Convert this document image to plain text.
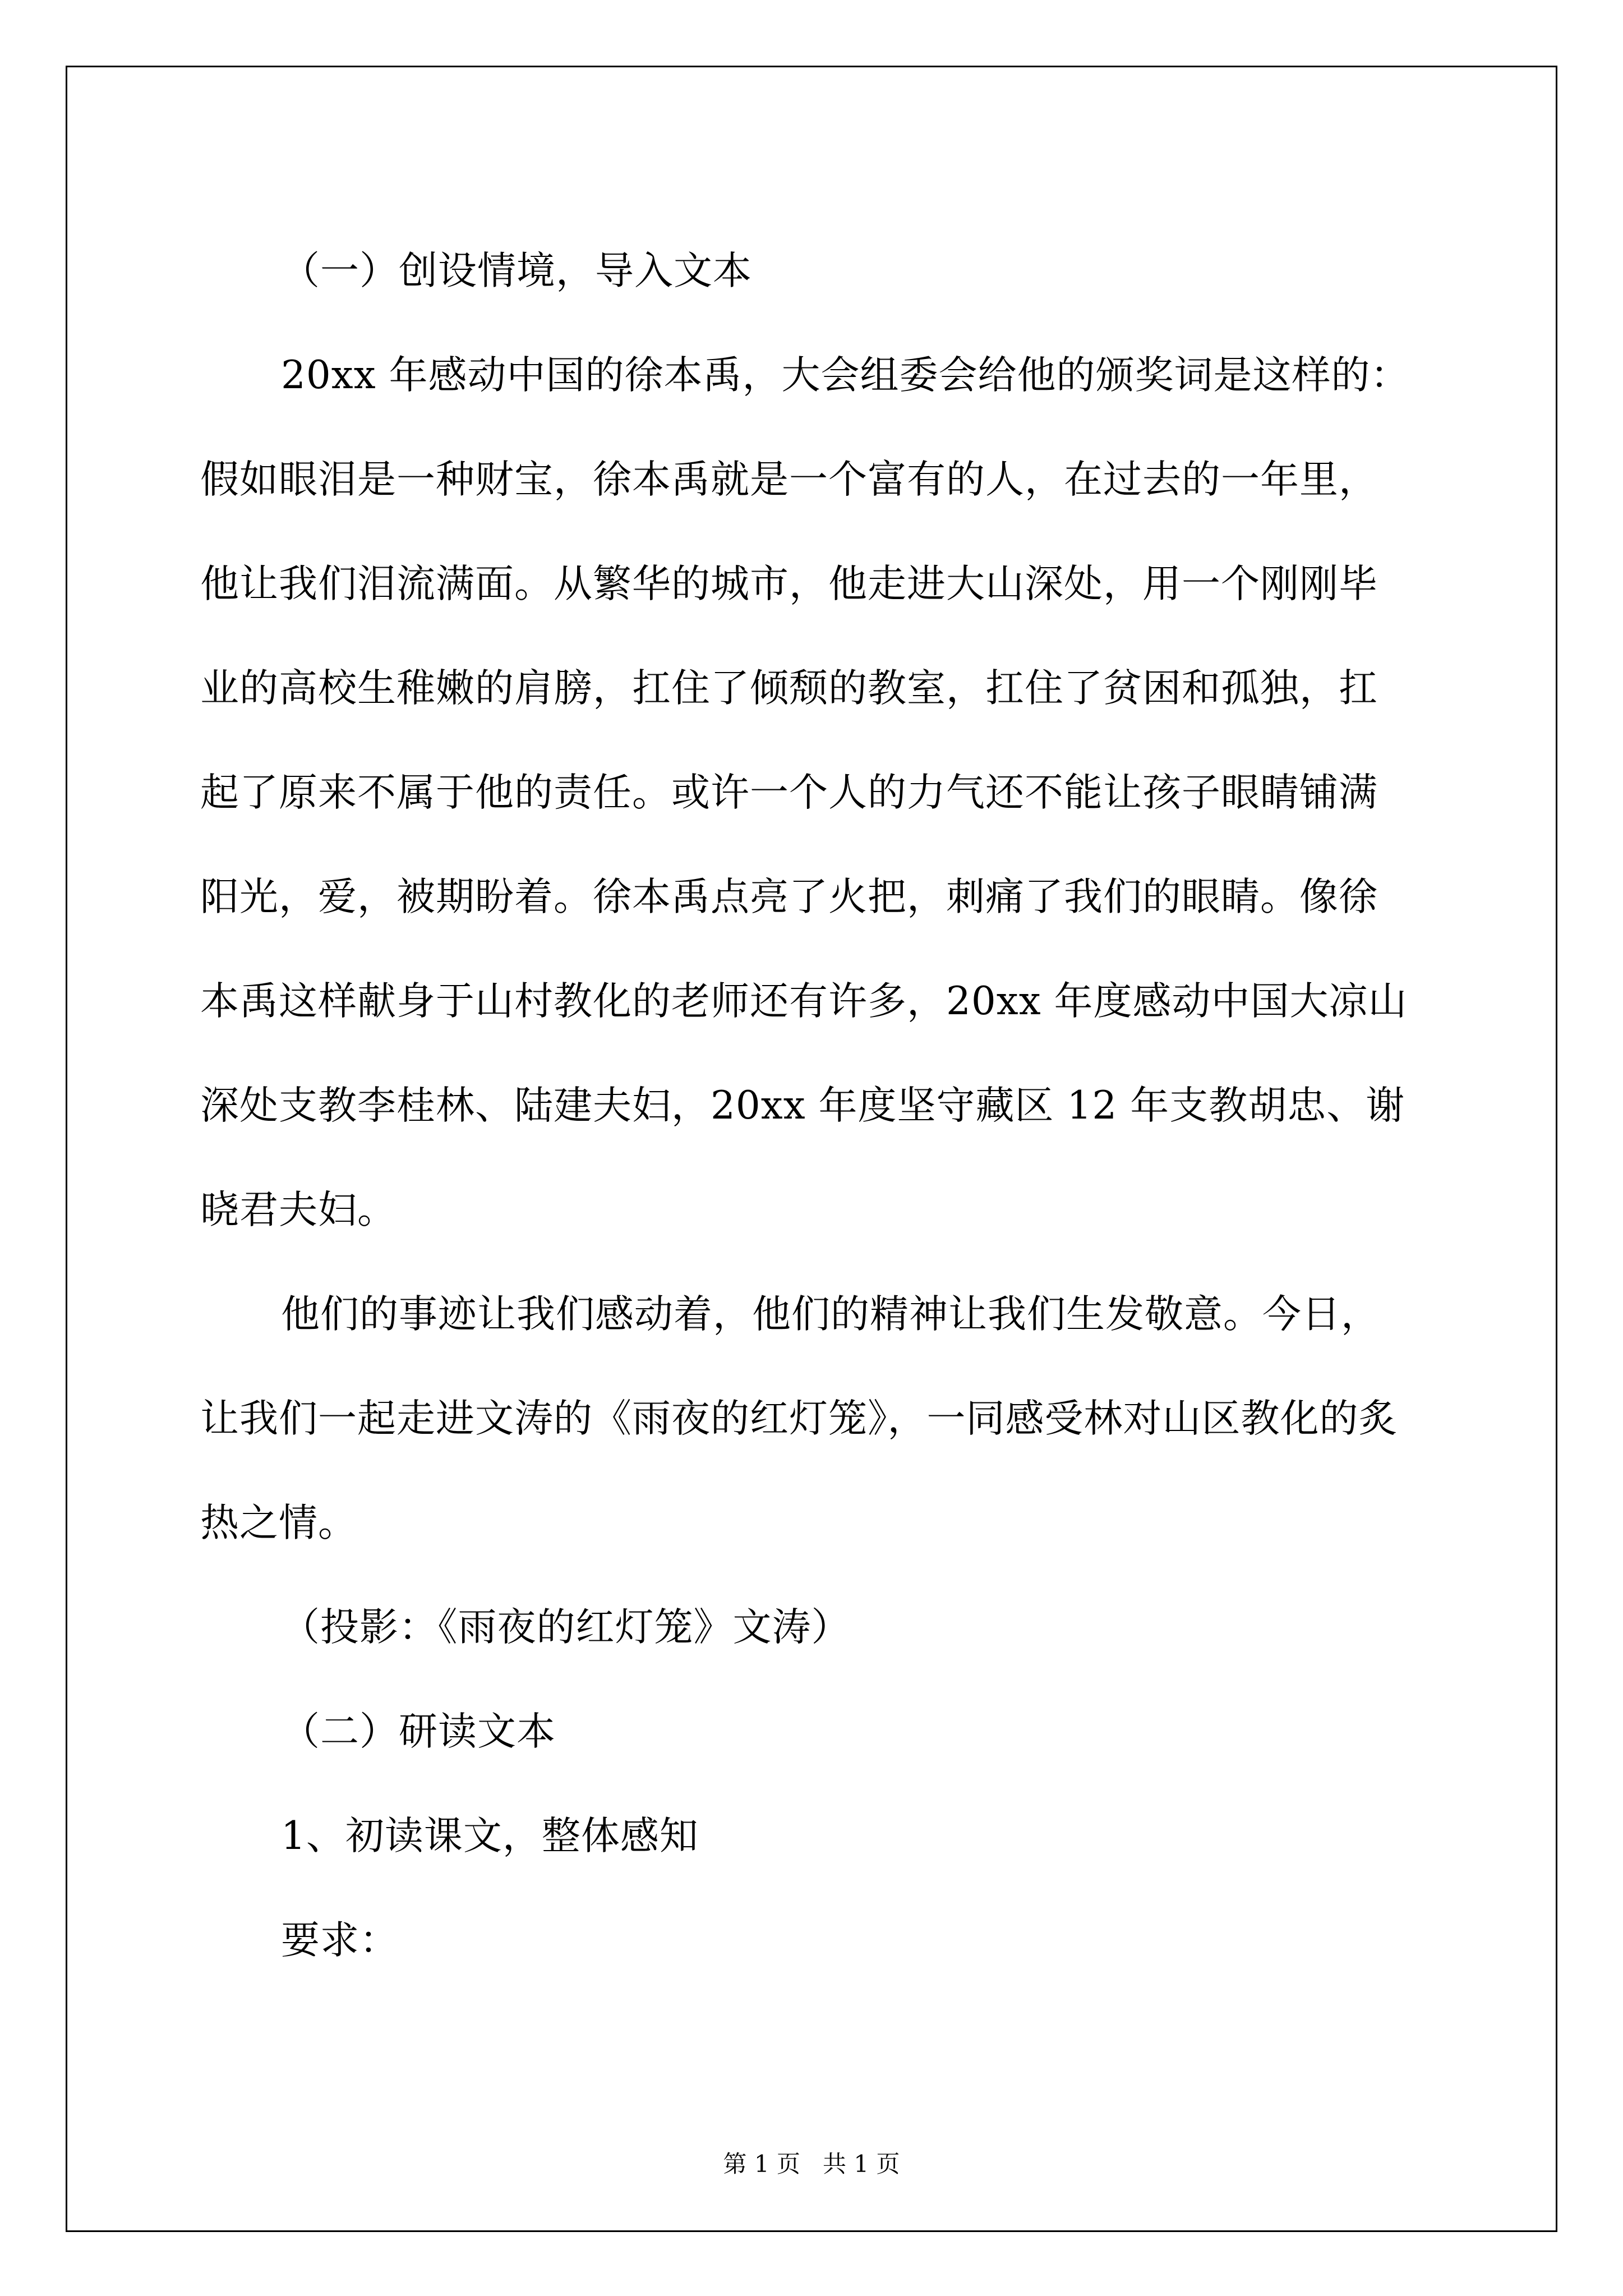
（一）创设情境，导入文本
20xx 年感动中国的徐本禹，大会组委会给他的颁奖词是这样的：
假如眼泪是一种财宝，徐本禹就是一个富有的人，在过去的一年里，
他让我们泪流满面。从繁华的城市，他走进大山深处，用一个刚刚毕
业的高校生稚嫩的肩膀，扛住了倾颓的教室，扛住了贫困和孤独，扛
起了原来不属于他的责任。或许一个人的力气还不能让孩子眼睛铺满
阳光，爱，被期盼着。徐本禹点亮了火把，刺痛了我们的眼睛。像徐
本禹这样献身于山村教化的老师还有许多，20xx 年度感动中国大凉山
深处支教李桂林、陆建夫妇，20xx 年度坚守藏区 12 年支教胡忠、谢
晓君夫妇。
他们的事迹让我们感动着，他们的精神让我们生发敬意。今日，
让我们一起走进文涛的《雨夜的红灯笼》，一同感受林对山区教化的炙
热之情。
（投影：《雨夜的红灯笼》文涛）
（二）研读文本
1、初读课文，整体感知
要求：
第 1 页   共 1 页
